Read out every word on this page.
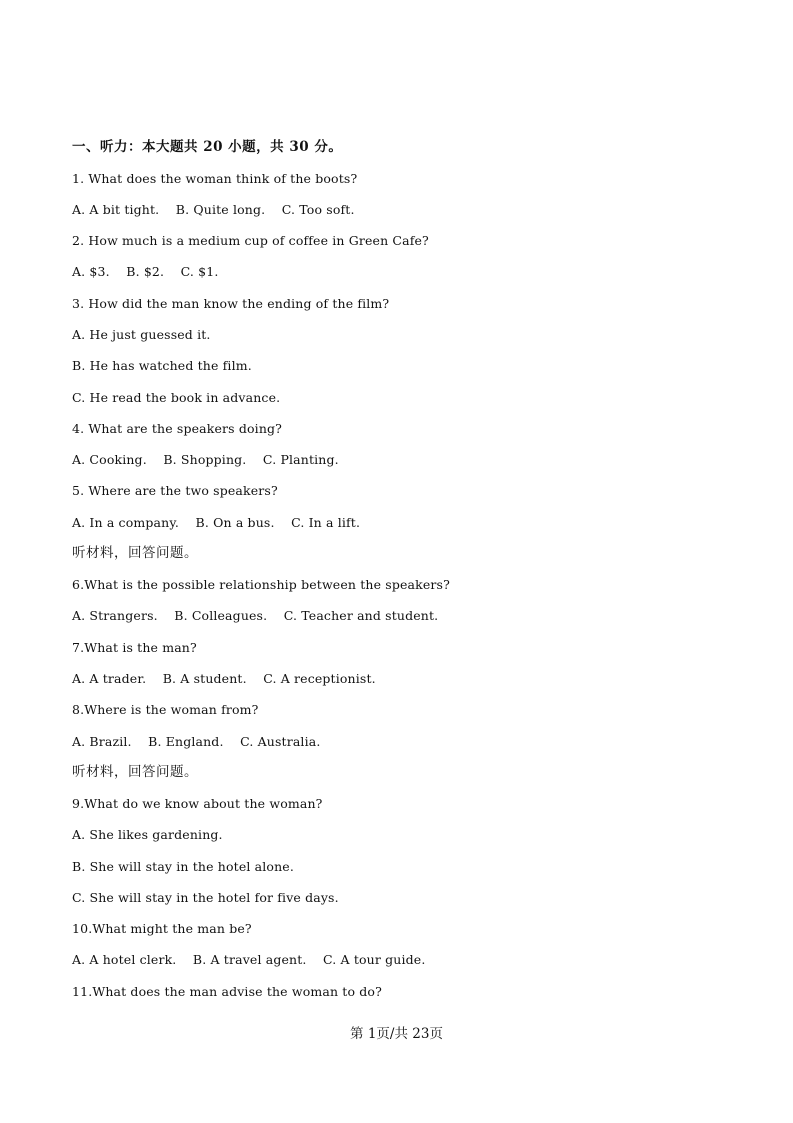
一、听力：本大题共 20 小题，共 30 分。
1. What does the woman think of the boots?
A. A bit tight.    B. Quite long.    C. Too soft.
2. How much is a medium cup of coffee in Green Cafe?
A. $3.    B. $2.    C. $1.
3. How did the man know the ending of the film?
A. He just guessed it.
B. He has watched the film.
C. He read the book in advance.
4. What are the speakers doing?
A. Cooking.    B. Shopping.    C. Planting.
5. Where are the two speakers?
A. In a company.    B. On a bus.    C. In a lift.
听材料，回答问题。
6.What is the possible relationship between the speakers?
A. Strangers.    B. Colleagues.    C. Teacher and student.
7.What is the man?
A. A trader.    B. A student.    C. A receptionist.
8.Where is the woman from?
A. Brazil.    B. England.    C. Australia.
听材料，回答问题。
9.What do we know about the woman?
A. She likes gardening.
B. She will stay in the hotel alone.
C. She will stay in the hotel for five days.
10.What might the man be?
A. A hotel clerk.    B. A travel agent.    C. A tour guide.
11.What does the man advise the woman to do?
第 1页/共 23页
